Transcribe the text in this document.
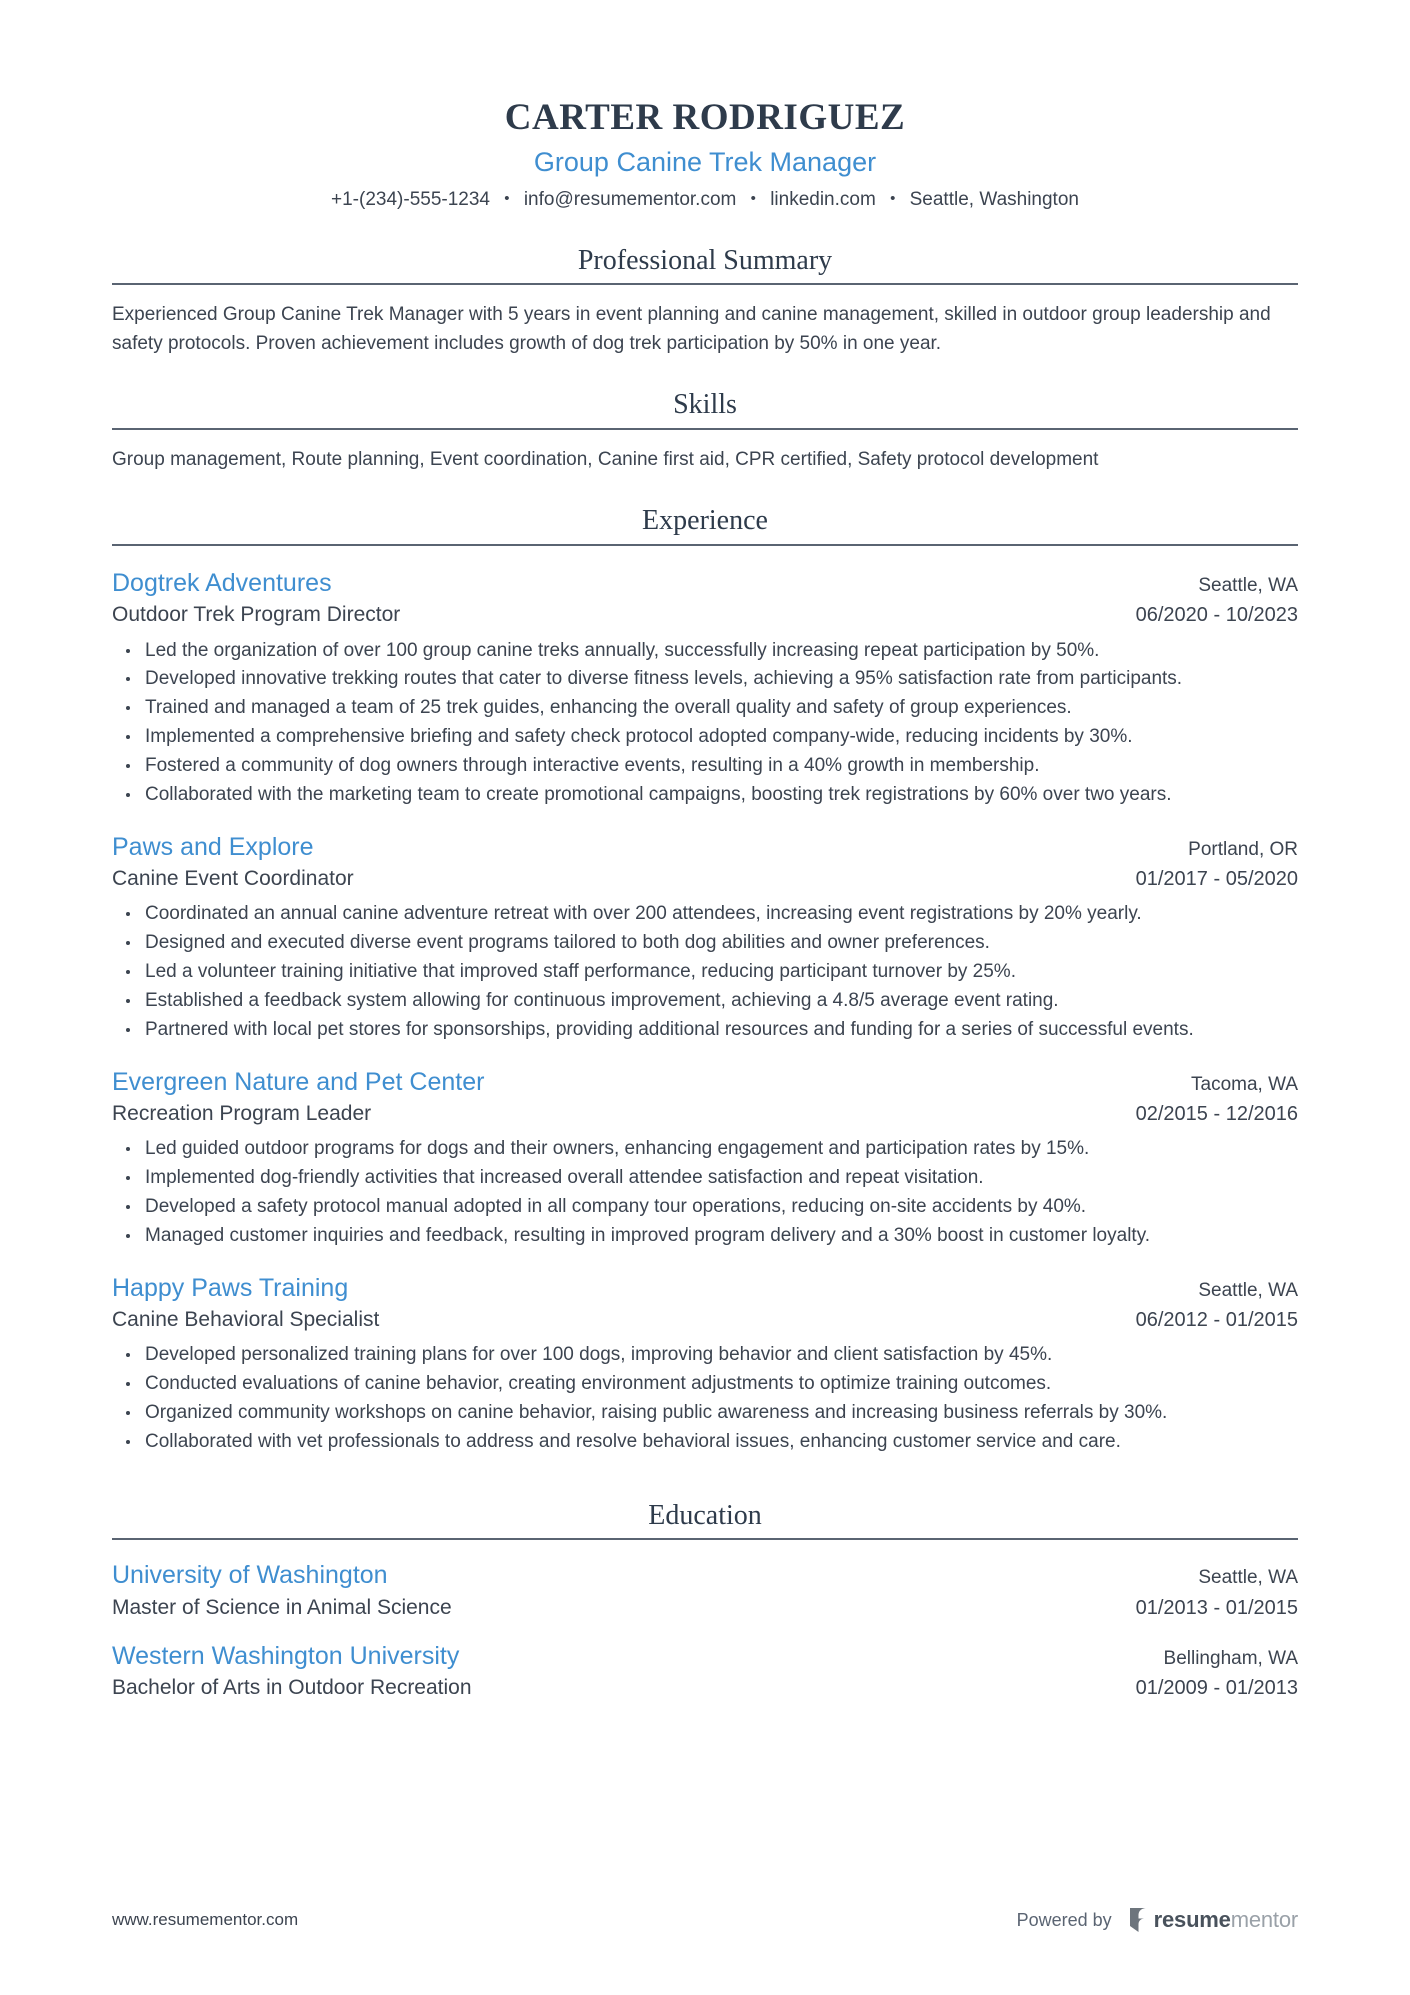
CARTER RODRIGUEZ
Group Canine Trek Manager
+1-(234)-555-1234 • info@resumementor.com • linkedin.com • Seattle, Washington
Professional Summary
Experienced Group Canine Trek Manager with 5 years in event planning and canine management, skilled in outdoor group leadership and safety protocols. Proven achievement includes growth of dog trek participation by 50% in one year.
Skills
Group management, Route planning, Event coordination, Canine first aid, CPR certified, Safety protocol development
Experience
Dogtrek Adventures	Seattle, WA
Outdoor Trek Program Director	06/2020 - 10/2023
Led the organization of over 100 group canine treks annually, successfully increasing repeat participation by 50%.
Developed innovative trekking routes that cater to diverse fitness levels, achieving a 95% satisfaction rate from participants.
Trained and managed a team of 25 trek guides, enhancing the overall quality and safety of group experiences.
Implemented a comprehensive briefing and safety check protocol adopted company-wide, reducing incidents by 30%.
Fostered a community of dog owners through interactive events, resulting in a 40% growth in membership.
Collaborated with the marketing team to create promotional campaigns, boosting trek registrations by 60% over two years.
Paws and Explore	Portland, OR
Canine Event Coordinator	01/2017 - 05/2020
Coordinated an annual canine adventure retreat with over 200 attendees, increasing event registrations by 20% yearly.
Designed and executed diverse event programs tailored to both dog abilities and owner preferences.
Led a volunteer training initiative that improved staff performance, reducing participant turnover by 25%.
Established a feedback system allowing for continuous improvement, achieving a 4.8/5 average event rating.
Partnered with local pet stores for sponsorships, providing additional resources and funding for a series of successful events.
Evergreen Nature and Pet Center	Tacoma, WA
Recreation Program Leader	02/2015 - 12/2016
Led guided outdoor programs for dogs and their owners, enhancing engagement and participation rates by 15%.
Implemented dog-friendly activities that increased overall attendee satisfaction and repeat visitation.
Developed a safety protocol manual adopted in all company tour operations, reducing on-site accidents by 40%.
Managed customer inquiries and feedback, resulting in improved program delivery and a 30% boost in customer loyalty.
Happy Paws Training	Seattle, WA
Canine Behavioral Specialist	06/2012 - 01/2015
Developed personalized training plans for over 100 dogs, improving behavior and client satisfaction by 45%.
Conducted evaluations of canine behavior, creating environment adjustments to optimize training outcomes.
Organized community workshops on canine behavior, raising public awareness and increasing business referrals by 30%.
Collaborated with vet professionals to address and resolve behavioral issues, enhancing customer service and care.
Education
University of Washington	Seattle, WA
Master of Science in Animal Science	01/2013 - 01/2015
Western Washington University	Bellingham, WA
Bachelor of Arts in Outdoor Recreation	01/2009 - 01/2013
www.resumementor.com	Powered by resumementor
